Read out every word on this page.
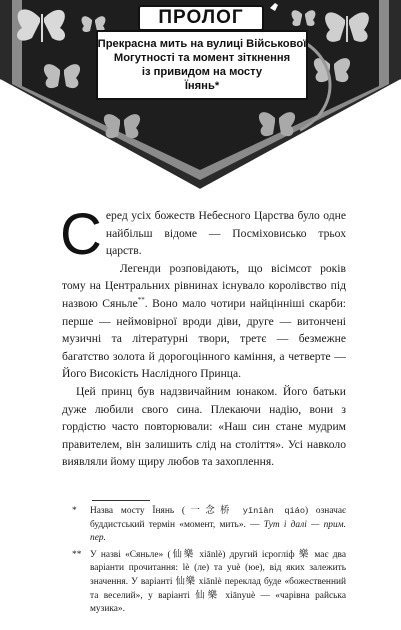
ПРОЛОГ
Прекрасна мить на вулиці Військової
Могутності та момент зіткнення
із привидом на мосту
Їнянь*

Серед усіх божеств Небесного Царства було одне найбільш відоме — Посміховисько трьох царств.

Легенди розповідають, що вісімсот років тому на Центральних рівнинах існувало королівство під назвою Сяньле**. Воно мало чотири найцінніші скарби: перше — неймовірної вроди діви, друге — витончені музичні та літературні твори, третє — безмежне багатство золота й дорогоцінного каміння, а четверте — Його Високість Наслідного Принца.

Цей принц був надзвичайним юнаком. Його батьки дуже любили свого сина. Плекаючи надію, вони з гордістю часто повторювали: «Наш син стане мудрим правителем, він залишить слід на століття». Усі навколо виявляли йому щиру любов та захоплення.

* Назва мосту Їнянь (一念桥 yīniàn qiáo) означає буддистський термін «момент, мить». — Тут і далі — прим. пер.
** У назві «Сяньле» (仙樂 xiānlè) другий ієрогліф 樂 має два варіанти прочитання: lè (ле) та yuè (юе), від яких залежить значення. У варіанті 仙樂 xiānlè переклад буде «божественний та веселий», у варіанті 仙樂 xiānyuè — «чарівна райська музика».
